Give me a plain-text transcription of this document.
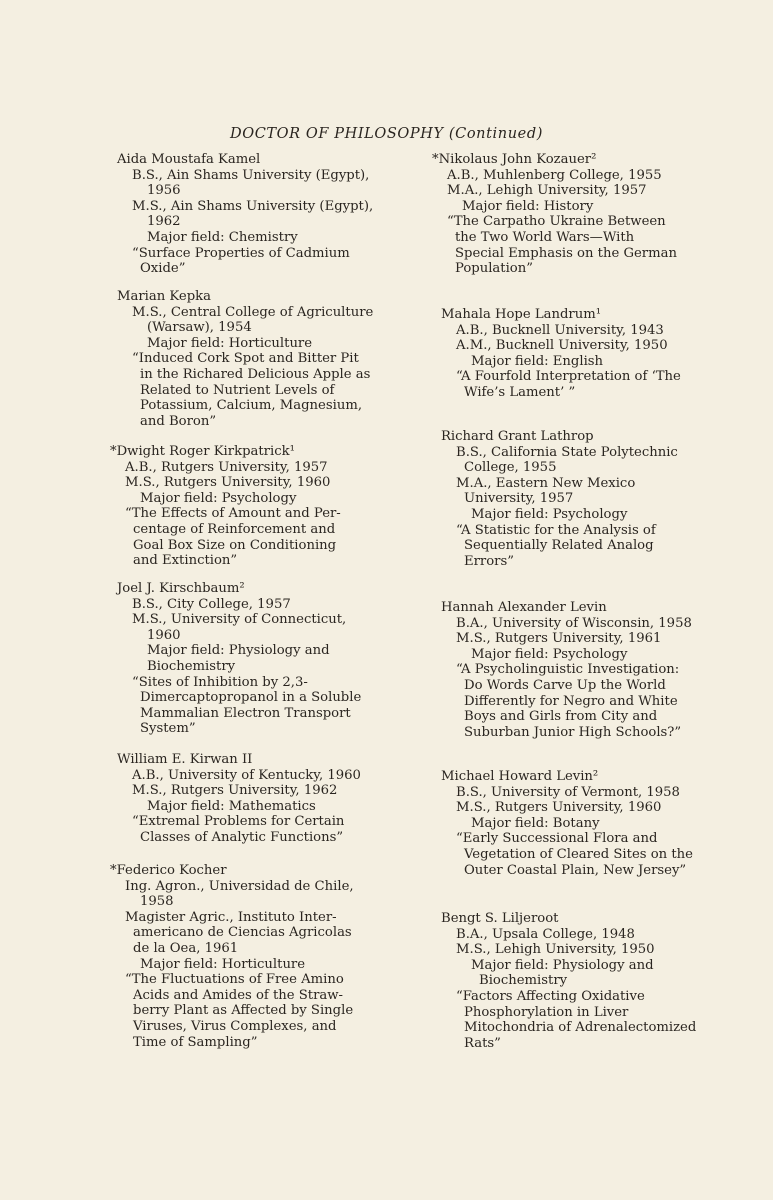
DOCTOR OF PHILOSOPHY (Continued)
Aida Moustafa Kamel
B.S., Ain Shams University (Egypt),
1956
M.S., Ain Shams University (Egypt),
1962
Major field: Chemistry
“Surface Properties of Cadmium
Oxide”
Marian Kepka
M.S., Central College of Agriculture
(Warsaw), 1954
Major field: Horticulture
“Induced Cork Spot and Bitter Pit
in the Richared Delicious Apple as
Related to Nutrient Levels of
Potassium, Calcium, Magnesium,
and Boron”
*Dwight Roger Kirkpatrick¹
A.B., Rutgers University, 1957
M.S., Rutgers University, 1960
Major field: Psychology
“The Effects of Amount and Per-
centage of Reinforcement and
Goal Box Size on Conditioning
and Extinction”
Joel J. Kirschbaum²
B.S., City College, 1957
M.S., University of Connecticut,
1960
Major field: Physiology and
Biochemistry
“Sites of Inhibition by 2,3-
Dimercaptopropanol in a Soluble
Mammalian Electron Transport
System”
William E. Kirwan II
A.B., University of Kentucky, 1960
M.S., Rutgers University, 1962
Major field: Mathematics
“Extremal Problems for Certain
Classes of Analytic Functions”
*Federico Kocher
Ing. Agron., Universidad de Chile,
1958
Magister Agric., Instituto Inter-
americano de Ciencias Agricolas
de la Oea, 1961
Major field: Horticulture
“The Fluctuations of Free Amino
Acids and Amides of the Straw-
berry Plant as Affected by Single
Viruses, Virus Complexes, and
Time of Sampling”
*Nikolaus John Kozauer²
A.B., Muhlenberg College, 1955
M.A., Lehigh University, 1957
Major field: History
“The Carpatho Ukraine Between
the Two World Wars—With
Special Emphasis on the German
Population”
Mahala Hope Landrum¹
A.B., Bucknell University, 1943
A.M., Bucknell University, 1950
Major field: English
“A Fourfold Interpretation of ‘The
Wife’s Lament’ ”
Richard Grant Lathrop
B.S., California State Polytechnic
College, 1955
M.A., Eastern New Mexico
University, 1957
Major field: Psychology
“A Statistic for the Analysis of
Sequentially Related Analog
Errors”
Hannah Alexander Levin
B.A., University of Wisconsin, 1958
M.S., Rutgers University, 1961
Major field: Psychology
“A Psycholinguistic Investigation:
Do Words Carve Up the World
Differently for Negro and White
Boys and Girls from City and
Suburban Junior High Schools?”
Michael Howard Levin²
B.S., University of Vermont, 1958
M.S., Rutgers University, 1960
Major field: Botany
“Early Successional Flora and
Vegetation of Cleared Sites on the
Outer Coastal Plain, New Jersey”
Bengt S. Liljeroot
B.A., Upsala College, 1948
M.S., Lehigh University, 1950
Major field: Physiology and
Biochemistry
“Factors Affecting Oxidative
Phosphorylation in Liver
Mitochondria of Adrenalectomized
Rats”
